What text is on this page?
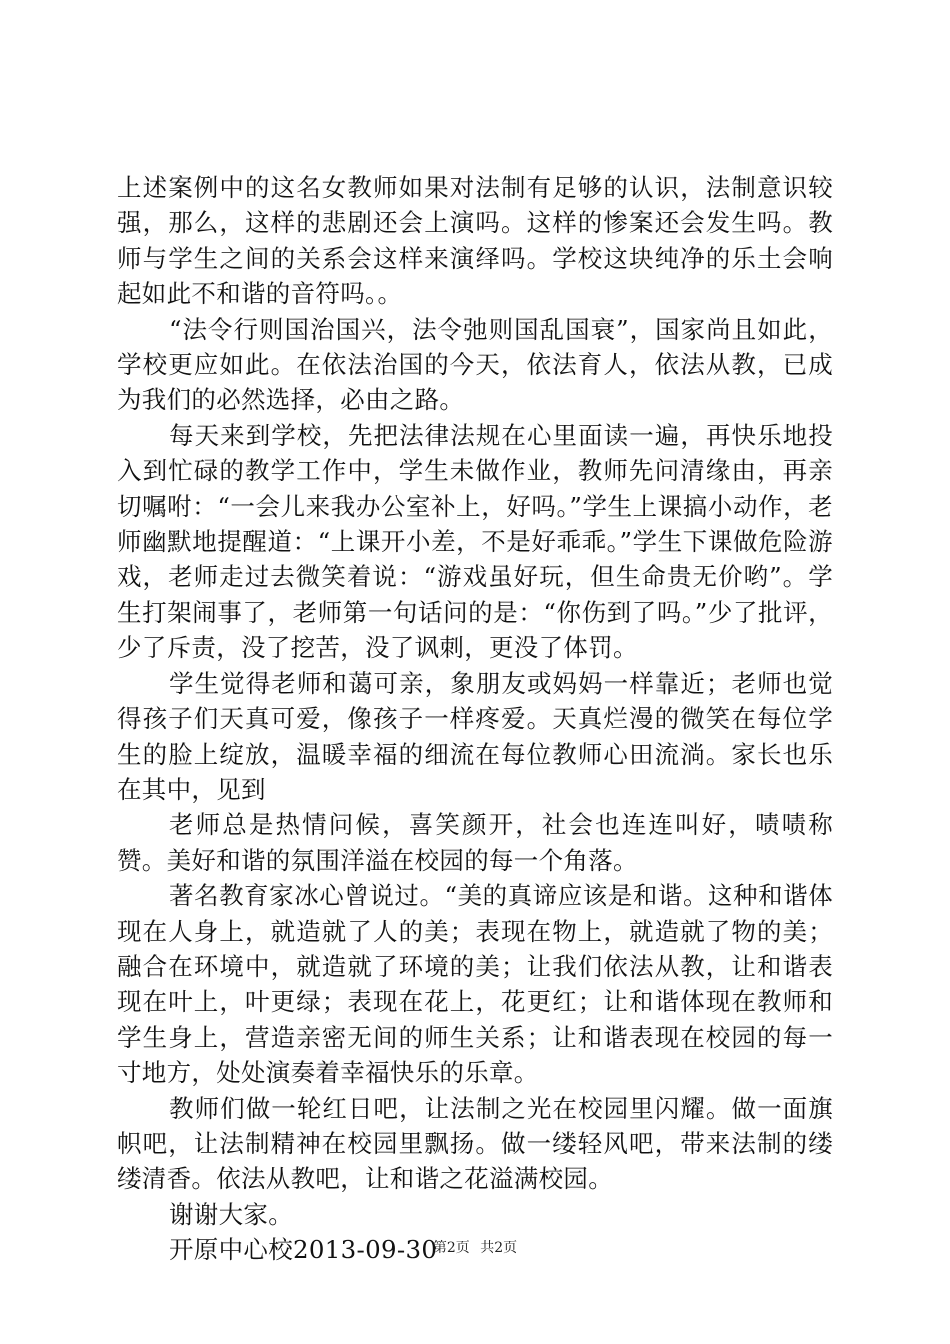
上述案例中的这名女教师如果对法制有足够的认识，法制意识较强，那么，这样的悲剧还会上演吗。这样的惨案还会发生吗。教师与学生之间的关系会这样来演绎吗。学校这块纯净的乐土会响起如此不和谐的音符吗。。

“法令行则国治国兴，法令弛则国乱国衰”，国家尚且如此，学校更应如此。在依法治国的今天，依法育人，依法从教，已成为我们的必然选择，必由之路。

每天来到学校，先把法律法规在心里面读一遍，再快乐地投入到忙碌的教学工作中，学生未做作业，教师先问清缘由，再亲切嘱咐：“一会儿来我办公室补上，好吗。”学生上课搞小动作，老师幽默地提醒道：“上课开小差，不是好乖乖。”学生下课做危险游戏，老师走过去微笑着说：“游戏虽好玩，但生命贵无价哟”。学生打架闹事了，老师第一句话问的是：“你伤到了吗。”少了批评，少了斥责，没了挖苦，没了讽刺，更没了体罚。

学生觉得老师和蔼可亲，象朋友或妈妈一样靠近；老师也觉得孩子们天真可爱，像孩子一样疼爱。天真烂漫的微笑在每位学生的脸上绽放，温暖幸福的细流在每位教师心田流淌。家长也乐在其中，见到

老师总是热情问候，喜笑颜开，社会也连连叫好，啧啧称赞。美好和谐的氛围洋溢在校园的每一个角落。

著名教育家冰心曾说过。“美的真谛应该是和谐。这种和谐体现在人身上，就造就了人的美；表现在物上，就造就了物的美；融合在环境中，就造就了环境的美；让我们依法从教，让和谐表现在叶上，叶更绿；表现在花上，花更红；让和谐体现在教师和学生身上，营造亲密无间的师生关系；让和谐表现在校园的每一寸地方，处处演奏着幸福快乐的乐章。

教师们做一轮红日吧，让法制之光在校园里闪耀。做一面旗帜吧，让法制精神在校园里飘扬。做一缕轻风吧，带来法制的缕缕清香。依法从教吧，让和谐之花溢满校园。

谢谢大家。

开原中心校2013-09-30

第2页 共2页
